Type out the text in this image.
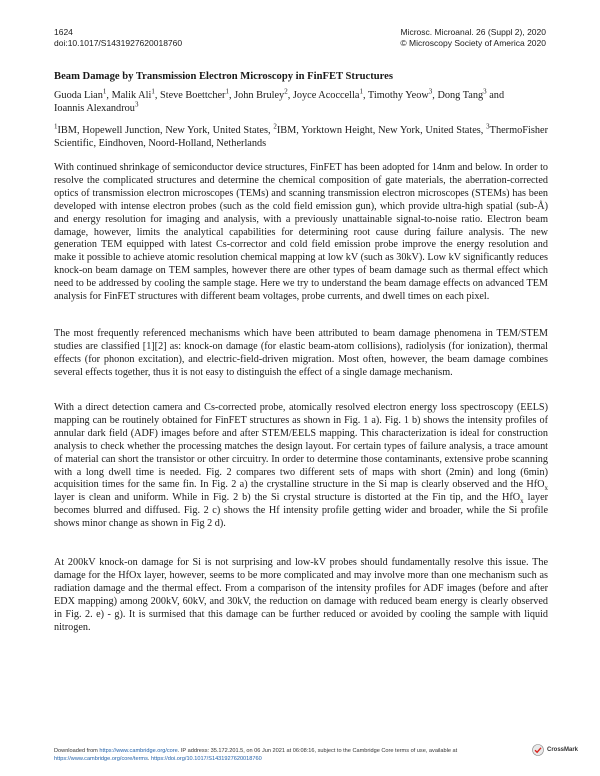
1624
doi:10.1017/S1431927620018760
Microsc. Microanal. 26 (Suppl 2), 2020
© Microscopy Society of America 2020
Beam Damage by Transmission Electron Microscopy in FinFET Structures
Guoda Lian$^1$, Malik Ali$^1$, Steve Boettcher$^1$, John Bruley$^2$, Joyce Acoccella$^1$, Timothy Yeow$^3$, Dong Tang$^3$ and
Ioannis Alexandrou$^3$
$^1$IBM, Hopewell Junction, New York, United States, $^2$IBM, Yorktown Height, New York, United States, $^3$ThermoFisher Scientific, Eindhoven, Noord-Holland, Netherlands

With continued shrinkage of semiconductor device structures, FinFET has been adopted for 14nm and below. In order to resolve the complicated structures and determine the chemical composition of gate materials, the aberration-corrected optics of transmission electron microscopes (TEMs) and scanning transmission electron microscopes (STEMs) has been developed with intense electron probes (such as the cold field emission gun), which provide ultra-high spatial (sub-Å) and energy resolution for imaging and analysis, with a previously unattainable signal-to-noise ratio. Electron beam damage, however, limits the analytical capabilities for determining root cause during failure analysis. The new generation TEM equipped with latest Cs-corrector and cold field emission probe improve the energy resolution and make it possible to achieve atomic resolution chemical mapping at low kV (such as 30kV). Low kV significantly reduces knock-on beam damage on TEM samples, however there are other types of beam damage such as thermal effect which need to be addressed by cooling the sample stage. Here we try to understand the beam damage effects on advanced TEM analysis for FinFET structures with different beam voltages, probe currents, and dwell times on each pixel.

The most frequently referenced mechanisms which have been attributed to beam damage phenomena in TEM/STEM studies are classified [1][2] as: knock-on damage (for elastic beam-atom collisions), radiolysis (for ionization), thermal effects (for phonon excitation), and electric-field-driven migration. Most often, however, the beam damage combines several effects together, thus it is not easy to distinguish the effect of a single damage mechanism.

With a direct detection camera and Cs-corrected probe, atomically resolved electron energy loss spectroscopy (EELS) mapping can be routinely obtained for FinFET structures as shown in Fig. 1 a). Fig. 1 b) shows the intensity profiles of annular dark field (ADF) images before and after STEM/EELS mapping. This characterization is ideal for construction analysis to check whether the processing matches the design layout. For certain types of failure analysis, a trace amount of material can short the transistor or other circuitry. In order to determine those contaminants, extensive probe scanning with a long dwell time is needed. Fig. 2 compares two different sets of maps with short (2min) and long (6min) acquisition times for the same fin. In Fig. 2 a) the crystalline structure in the Si map is clearly observed and the HfO$_x$ layer is clean and uniform. While in Fig. 2 b) the Si crystal structure is distorted at the Fin tip, and the HfO$_x$ layer becomes blurred and diffused. Fig. 2 c) shows the Hf intensity profile getting wider and broader, while the Si profile shows minor change as shown in Fig 2 d).

At 200kV knock-on damage for Si is not surprising and low-kV probes should fundamentally resolve this issue. The damage for the HfOx layer, however, seems to be more complicated and may involve more than one mechanism such as radiation damage and the thermal effect. From a comparison of the intensity profiles for ADF images (before and after EDX mapping) among 200kV, 60kV, and 30kV, the reduction on damage with reduced beam energy is clearly observed in Fig. 2. e) - g). It is surmised that this damage can be further reduced or avoided by cooling the sample with liquid nitrogen.

Downloaded from https://www.cambridge.org/core. IP address: 35.172.201.5, on 06 Jun 2021 at 06:08:16, subject to the Cambridge Core terms of use, available at
https://www.cambridge.org/core/terms. https://doi.org/10.1017/S1431927620018760
CrossMark
